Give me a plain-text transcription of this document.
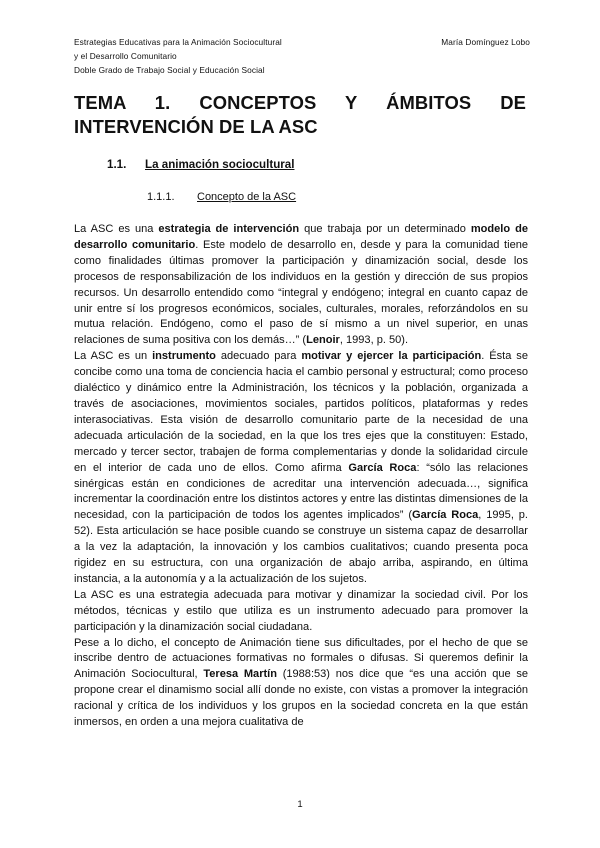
Estrategias Educativas para la Animación Sociocultural
y el Desarrollo Comunitario
Doble Grado de Trabajo Social y Educación Social
María Domínguez Lobo
TEMA 1. CONCEPTOS Y ÁMBITOS DE INTERVENCIÓN DE LA ASC
1.1. La animación sociocultural
1.1.1. Concepto de la ASC

La ASC es una estrategia de intervención que trabaja por un determinado modelo de desarrollo comunitario. Este modelo de desarrollo en, desde y para la comunidad tiene como finalidades últimas promover la participación y dinamización social, desde los procesos de responsabilización de los individuos en la gestión y dirección de sus propios recursos. Un desarrollo entendido como “integral y endógeno; integral en cuanto capaz de unir entre sí los progresos económicos, sociales, culturales, morales, reforzándolos en su mutua relación. Endógeno, como el paso de sí mismo a un nivel superior, en unas relaciones de suma positiva con los demás…” (Lenoir, 1993, p. 50).

La ASC es un instrumento adecuado para motivar y ejercer la participación. Ésta se concibe como una toma de conciencia hacia el cambio personal y estructural; como proceso dialéctico y dinámico entre la Administración, los técnicos y la población, organizada a través de asociaciones, movimientos sociales, partidos políticos, plataformas y redes interasociativas. Esta visión de desarrollo comunitario parte de la necesidad de una adecuada articulación de la sociedad, en la que los tres ejes que la constituyen: Estado, mercado y tercer sector, trabajen de forma complementarias y donde la solidaridad circule en el interior de cada uno de ellos. Como afirma García Roca: “sólo las relaciones sinérgicas están en condiciones de acreditar una intervención adecuada…, significa incrementar la coordinación entre los distintos actores y entre las distintas dimensiones de la necesidad, con la participación de todos los agentes implicados” (García Roca, 1995, p. 52). Esta articulación se hace posible cuando se construye un sistema capaz de desarrollar a la vez la adaptación, la innovación y los cambios cualitativos; cuando presenta poca rigidez en su estructura, con una organización de abajo arriba, aspirando, en última instancia, a la autonomía y a la actualización de los sujetos.

La ASC es una estrategia adecuada para motivar y dinamizar la sociedad civil. Por los métodos, técnicas y estilo que utiliza es un instrumento adecuado para promover la participación y la dinamización social ciudadana.

Pese a lo dicho, el concepto de Animación tiene sus dificultades, por el hecho de que se inscribe dentro de actuaciones formativas no formales o difusas. Si queremos definir la Animación Sociocultural, Teresa Martín (1988:53) nos dice que “es una acción que se propone crear el dinamismo social allí donde no existe, con vistas a promover la integración racional y crítica de los individuos y los grupos en la sociedad concreta en la que están inmersos, en orden a una mejora cualitativa de

1
